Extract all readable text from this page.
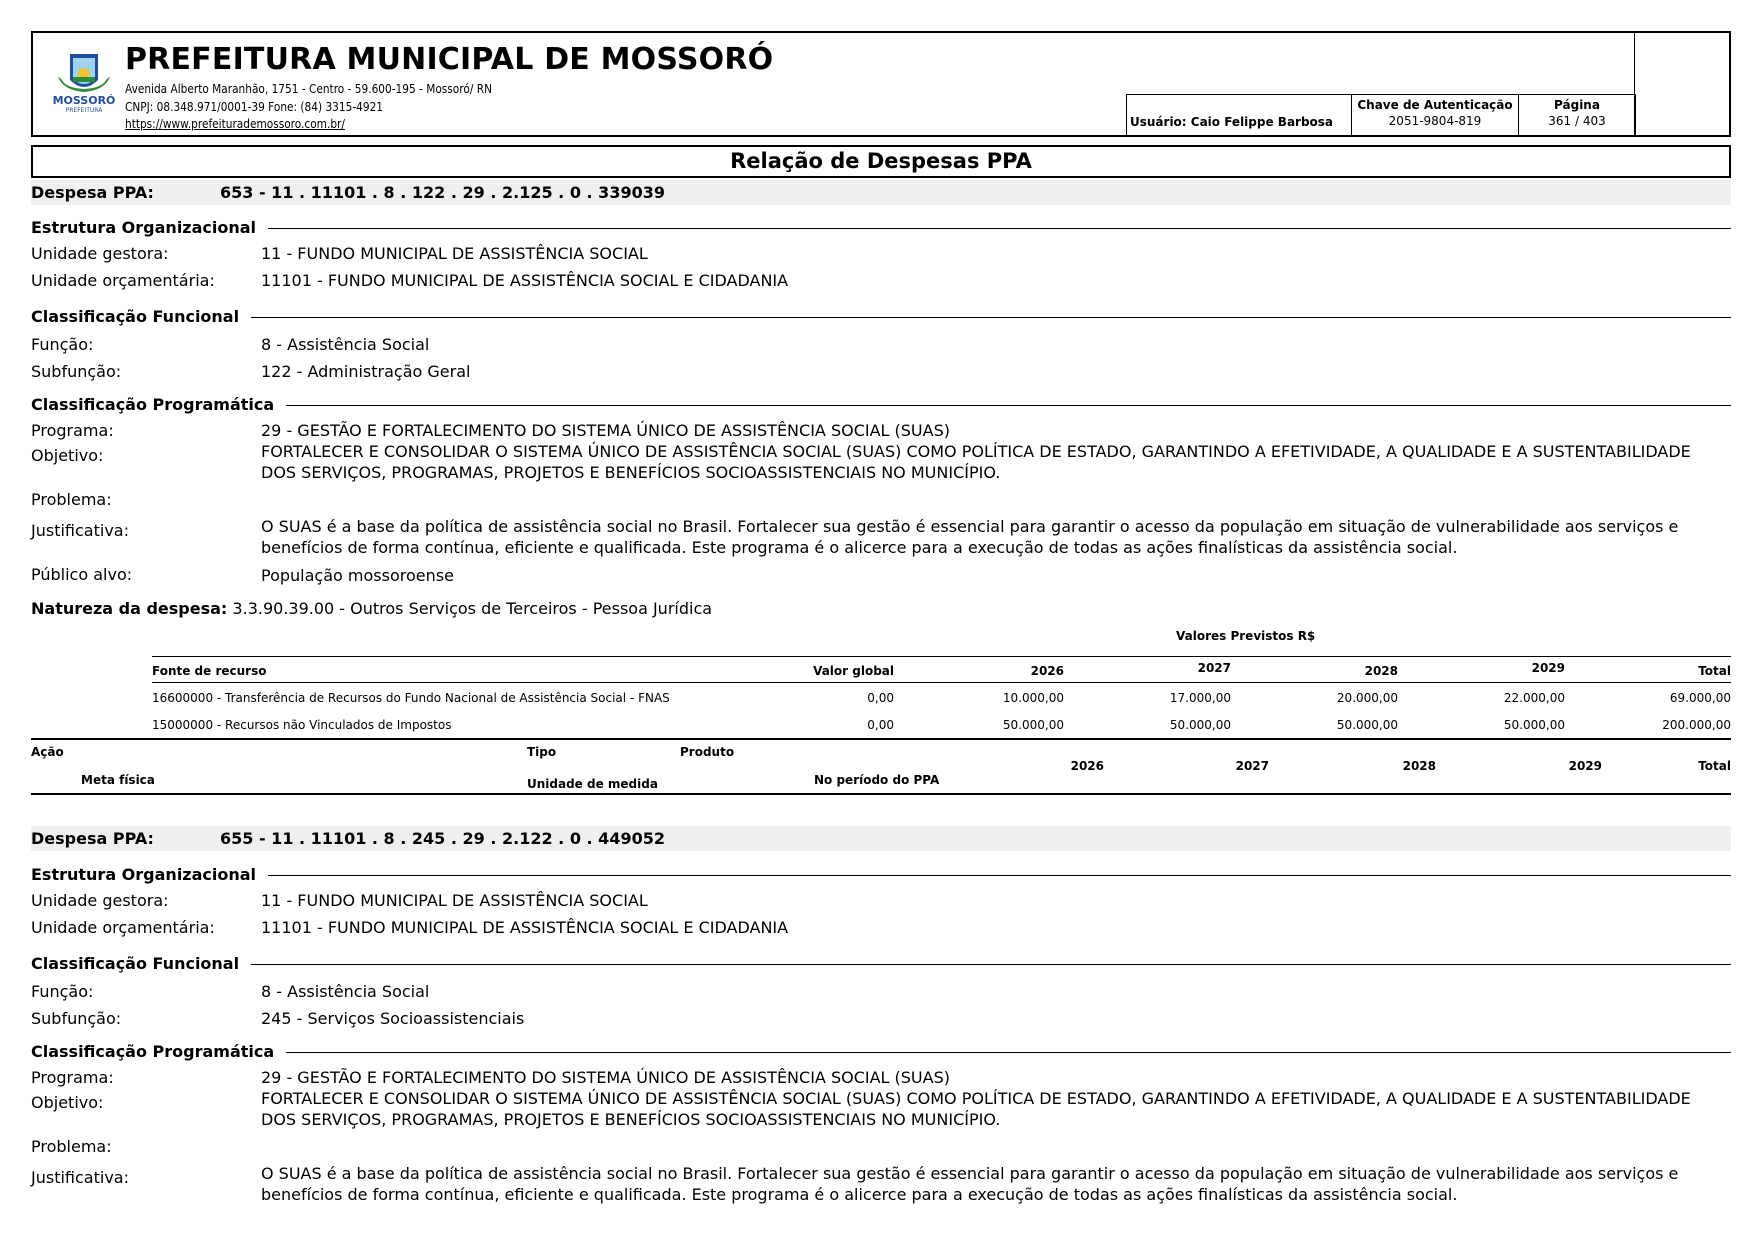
MOSSORÓ
PREFEITURA
PREFEITURA MUNICIPAL DE MOSSORÓ
Avenida Alberto Maranhão, 1751 - Centro - 59.600-195 - Mossoró/ RN
CNPJ: 08.348.971/0001-39 Fone: (84) 3315-4921
https://www.prefeiturademossoro.com.br/	Usuário: Caio Felippe Barbosa
Chave de Autenticação
2051-9804-819
Página
361 / 403
Relação de Despesas PPA
Despesa PPA:	653 - 11 . 11101 . 8 . 122 . 29 . 2.125 . 0 . 339039
Estrutura Organizacional
Unidade gestora:	11 - FUNDO MUNICIPAL DE ASSISTÊNCIA SOCIAL
Unidade orçamentária:	11101 - FUNDO MUNICIPAL DE ASSISTÊNCIA SOCIAL E CIDADANIA
Classificação Funcional
Função:	8 - Assistência Social
Subfunção:	122 - Administração Geral
Classificação Programática
Programa:	29 - GESTÃO E FORTALECIMENTO DO SISTEMA ÚNICO DE ASSISTÊNCIA SOCIAL (SUAS)
Objetivo:	FORTALECER E CONSOLIDAR O SISTEMA ÚNICO DE ASSISTÊNCIA SOCIAL (SUAS) COMO POLÍTICA DE ESTADO, GARANTINDO A EFETIVIDADE, A QUALIDADE E A SUSTENTABILIDADE DOS SERVIÇOS, PROGRAMAS, PROJETOS E BENEFÍCIOS SOCIOASSISTENCIAIS NO MUNICÍPIO.
Problema:
Justificativa:	O SUAS é a base da política de assistência social no Brasil. Fortalecer sua gestão é essencial para garantir o acesso da população em situação de vulnerabilidade aos serviços e benefícios de forma contínua, eficiente e qualificada. Este programa é o alicerce para a execução de todas as ações finalísticas da assistência social.
Público alvo:	População mossoroense
Natureza da despesa: 3.3.90.39.00 - Outros Serviços de Terceiros - Pessoa Jurídica
Valores Previstos R$
Fonte de recurso	Valor global	2026	2027	2028	2029	Total
16600000 - Transferência de Recursos do Fundo Nacional de Assistência Social - FNAS	0,00	10.000,00	17.000,00	20.000,00	22.000,00	69.000,00
15000000 - Recursos não Vinculados de Impostos	0,00	50.000,00	50.000,00	50.000,00	50.000,00	200.000,00
Ação	Tipo	Produto
Meta física	Unidade de medida	No período do PPA
2026	2027	2028	2029	Total
Despesa PPA:	655 - 11 . 11101 . 8 . 245 . 29 . 2.122 . 0 . 449052
Estrutura Organizacional
Unidade gestora:	11 - FUNDO MUNICIPAL DE ASSISTÊNCIA SOCIAL
Unidade orçamentária:	11101 - FUNDO MUNICIPAL DE ASSISTÊNCIA SOCIAL E CIDADANIA
Classificação Funcional
Função:	8 - Assistência Social
Subfunção:	245 - Serviços Socioassistenciais
Classificação Programática
Programa:	29 - GESTÃO E FORTALECIMENTO DO SISTEMA ÚNICO DE ASSISTÊNCIA SOCIAL (SUAS)
Objetivo:	FORTALECER E CONSOLIDAR O SISTEMA ÚNICO DE ASSISTÊNCIA SOCIAL (SUAS) COMO POLÍTICA DE ESTADO, GARANTINDO A EFETIVIDADE, A QUALIDADE E A SUSTENTABILIDADE DOS SERVIÇOS, PROGRAMAS, PROJETOS E BENEFÍCIOS SOCIOASSISTENCIAIS NO MUNICÍPIO.
Problema:
Justificativa:	O SUAS é a base da política de assistência social no Brasil. Fortalecer sua gestão é essencial para garantir o acesso da população em situação de vulnerabilidade aos serviços e benefícios de forma contínua, eficiente e qualificada. Este programa é o alicerce para a execução de todas as ações finalísticas da assistência social.
